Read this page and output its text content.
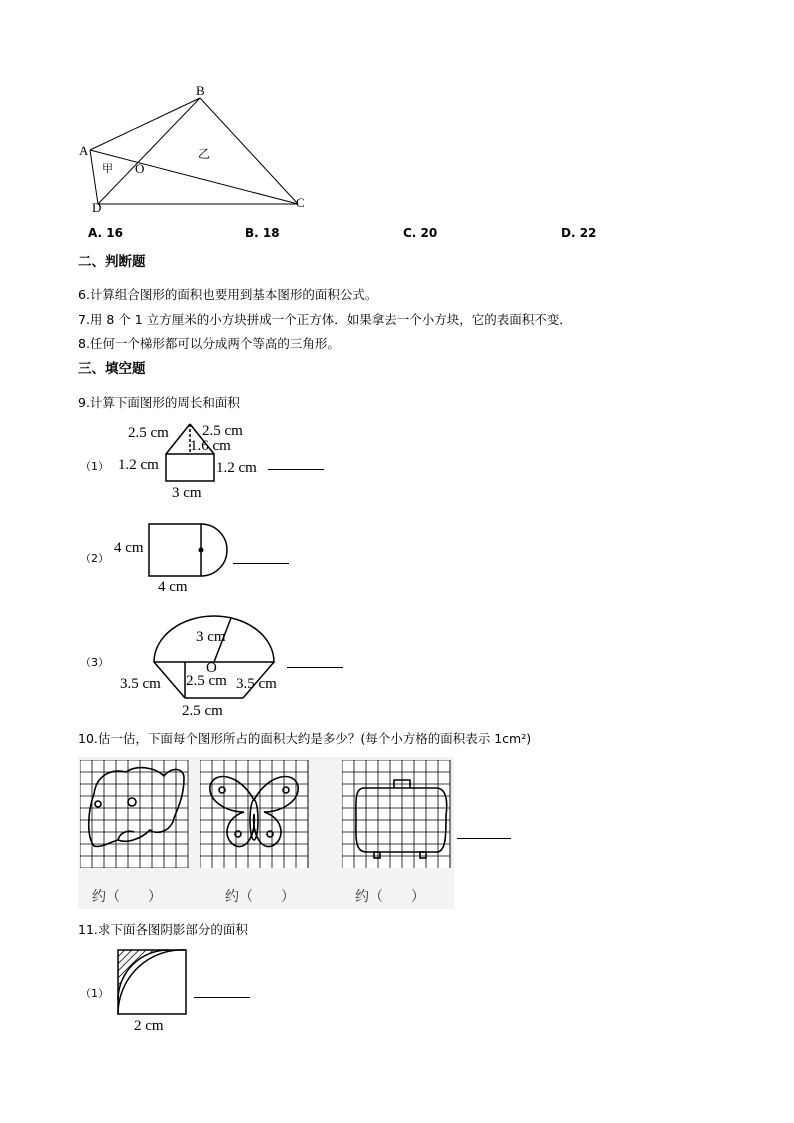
A
B
C
D
O
甲
乙
A. 16	B. 18	C. 20	D. 22
二、判断题
6.计算组合图形的面积也要用到基本图形的面积公式。
7.用 8 个 1 立方厘米的小方块拼成一个正方体．如果拿去一个小方块，它的表面积不变．
8.任何一个梯形都可以分成两个等高的三角形。
三、填空题
9.计算下面图形的周长和面积
（1）
2.5 cm 2.5 cm
1.6 cm
1.2 cm	1.2 cm
3 cm
（2）
4 cm
4 cm
（3）
3 cm
O
2.5 cm
3.5 cm	3.5 cm
2.5 cm
10.估一估，下面每个图形所占的面积大约是多少？(每个小方格的面积表示 1cm²)
约（　　）	约（　　）	约（　　）
11.求下面各图阴影部分的面积
（1）
2 cm
